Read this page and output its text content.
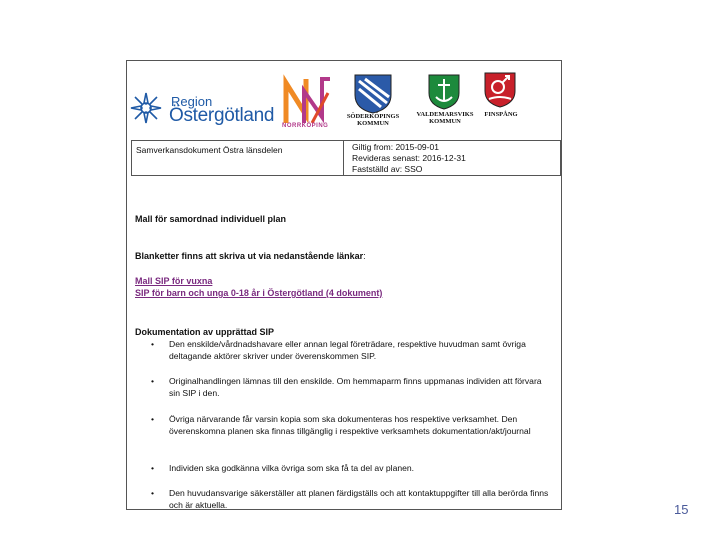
Region
Östergötland NORRKÖPING
SÖDERKÖPINGS KOMMUN
VALDEMARSVIKS KOMMUN
FINSPÅNG
Samverkansdokument Östra länsdelen	Giltig from: 2015-09-01
Revideras senast: 2016-12-31
Fastställd av: SSO
Mall för samordnad individuell plan
Blanketter finns att skriva ut via nedanstående länkar:
Mall SIP för vuxna
SIP för barn och unga 0-18 år i Östergötland (4 dokument)
Dokumentation av upprättad SIP
• Den enskilde/vårdnadshavare eller annan legal företrädare, respektive huvudman samt övriga deltagande aktörer skriver under överenskommen SIP.
• Originalhandlingen lämnas till den enskilde. Om hemmaparm finns uppmanas individen att förvara sin SIP i den.
• Övriga närvarande får varsin kopia som ska dokumenteras hos respektive verksamhet. Den överenskomna planen ska finnas tillgänglig i respektive verksamhets dokumentation/akt/journal
• Individen ska godkänna vilka övriga som ska få ta del av planen.
• Den huvudansvarige säkerställer att planen färdigställs och att kontaktuppgifter till alla berörda finns och är aktuella.	15
